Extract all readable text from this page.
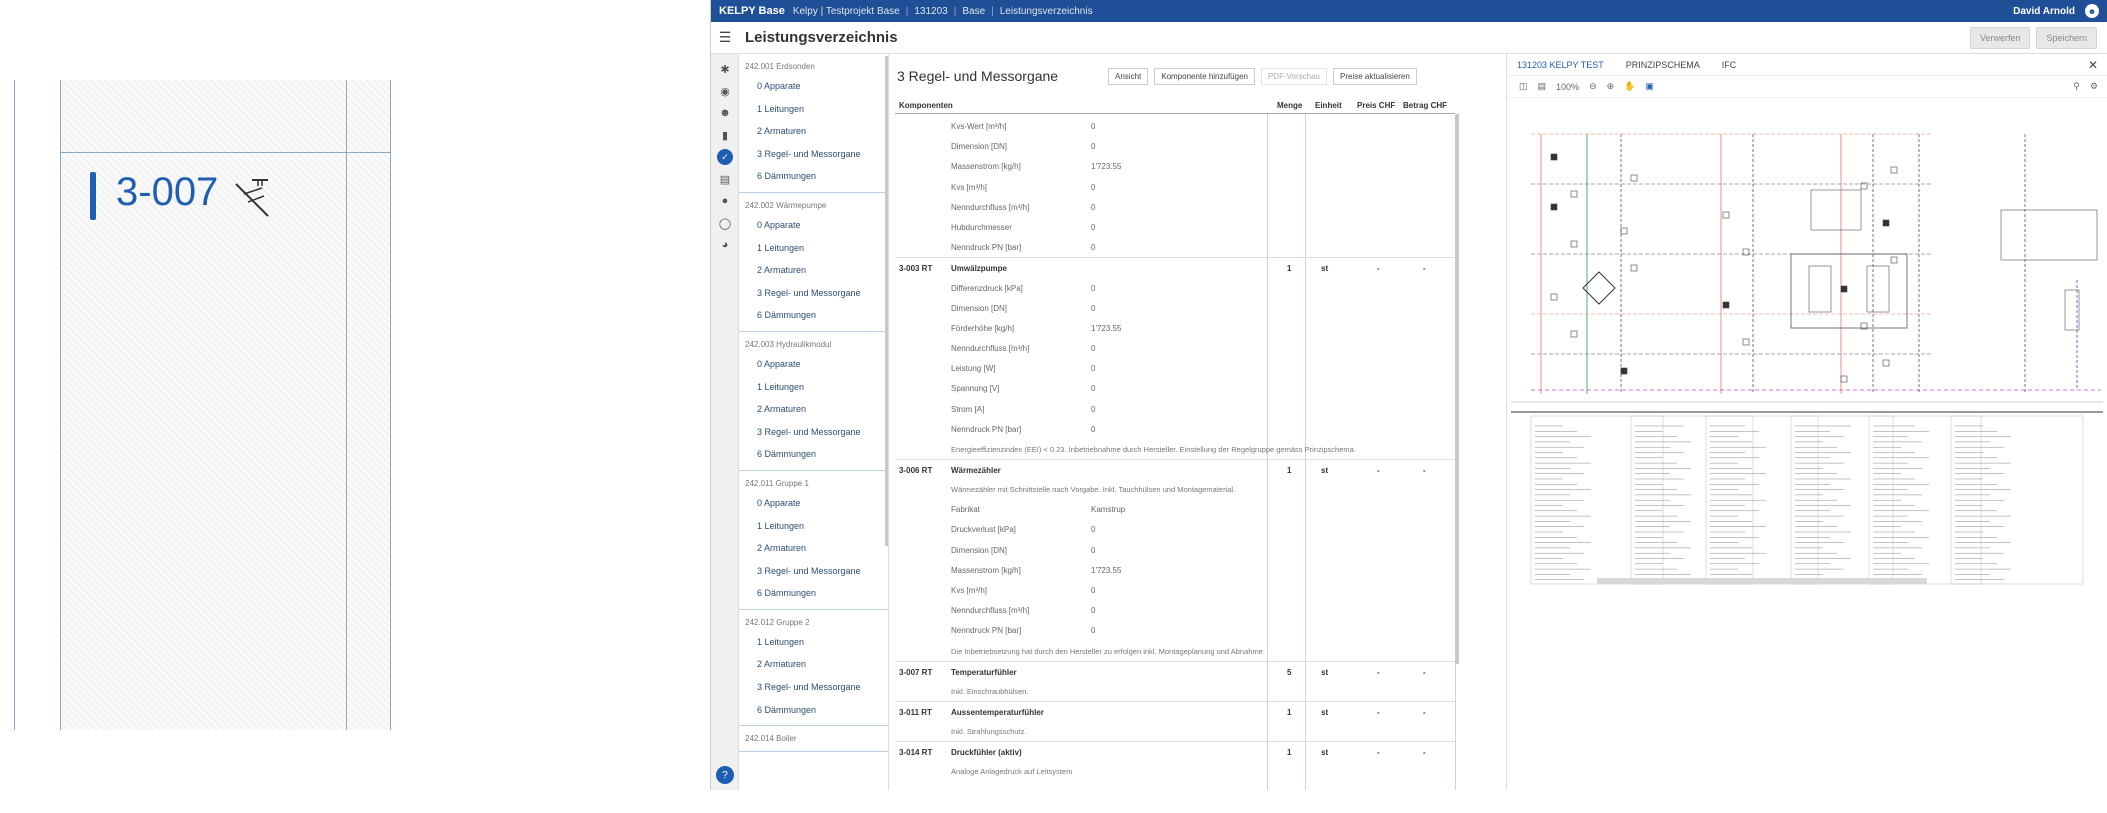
3-007
KELPY Base Kelpy | Testprojekt Base | 131203 | Base | Leistungsverzeichnis	David Arnold	☻
☰ Leistungsverzeichnis	Verwerfen	Speichern
✱
◉
☻
▮
✓
▤
●
◯
◕
?
242.001 Erdsonden
0 Apparate
1 Leitungen
2 Armaturen
3 Regel- und Messorgane
6 Dämmungen
242.002 Wärmepumpe
0 Apparate
1 Leitungen
2 Armaturen
3 Regel- und Messorgane
6 Dämmungen
242.003 Hydraulikmodul
0 Apparate
1 Leitungen
2 Armaturen
3 Regel- und Messorgane
6 Dämmungen
242.011 Gruppe 1
0 Apparate
1 Leitungen
2 Armaturen
3 Regel- und Messorgane
6 Dämmungen
242.012 Gruppe 2
1 Leitungen
2 Armaturen
3 Regel- und Messorgane
6 Dämmungen
242.014 Boiler
3 Regel- und Messorgane	Ansicht	Komponente hinzufügen	PDF-Vorschau	Preise aktualisieren
Komponenten	Menge Einheit Preis CHF Betrag CHF
Kvs-Wert [m³/h]	0
Dimension [DN]	0
Massenstrom [kg/h]	1'723.55
Kvs [m³/h]	0
Nenndurchfluss [m³/h]	0
Hubdurchmesser	0
Nenndruck PN [bar]	0
3-003 RT Umwälzpumpe	1	st	-	-
Differenzdruck [kPa]	0
Dimension [DN]	0
Förderhöhe [kg/h]	1'723.55
Nenndurchfluss [m³/h]	0
Leistung [W]	0
Spannung [V]	0
Strom [A]	0
Nenndruck PN [bar]	0
Energieeffizienzindex (EEI) < 0.23. Inbetriebnahme durch Hersteller. Einstellung der Regelgruppe gemäss Prinzipschema.
3-006 RT Wärmezähler	1	st	-	-
Wärmezähler mit Schnittstelle nach Vorgabe. Inkl. Tauchhülsen und Montagematerial.
Fabrikat	Kamstrup
Druckverlust [kPa]	0
Dimension [DN]	0
Massenstrom [kg/h]	1'723.55
Kvs [m³/h]	0
Nenndurchfluss [m³/h]	0
Nenndruck PN [bar]	0
Die Inbetriebsetzung hat durch den Hersteller zu erfolgen inkl. Montageplanung und Abnahme.
3-007 RT Temperaturfühler	5	st	-	-
Inkl. Einschraubhülsen.
3-011 RT Aussentemperaturfühler	1	st	-	-
Inkl. Strahlungsschutz.
3-014 RT Druckfühler (aktiv)	1	st	-	-
Analoge Anlagedruck auf Leitsystem
131203 KELPY TEST PRINZIPSCHEMA IFC	✕
◫ ▤ 100% ⊖ ⊕ ✋ ▣	⚲ ⚙
